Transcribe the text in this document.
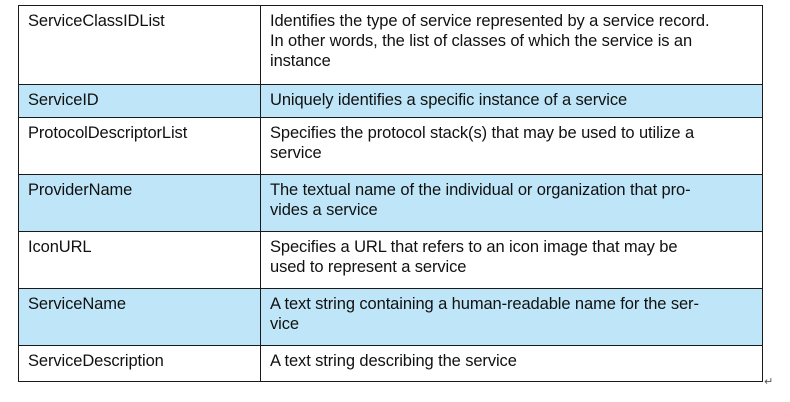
ServiceClassIDList	Identifies the type of service represented by a service record.
In other words, the list of classes of which the service is an
instance
ServiceID	Uniquely identifies a specific instance of a service
ProtocolDescriptorList	Specifies the protocol stack(s) that may be used to utilize a
service
ProviderName	The textual name of the individual or organization that pro-
vides a service
IconURL	Specifies a URL that refers to an icon image that may be
used to represent a service
ServiceName	A text string containing a human-readable name for the ser-
vice
ServiceDescription	A text string describing the service
↵
